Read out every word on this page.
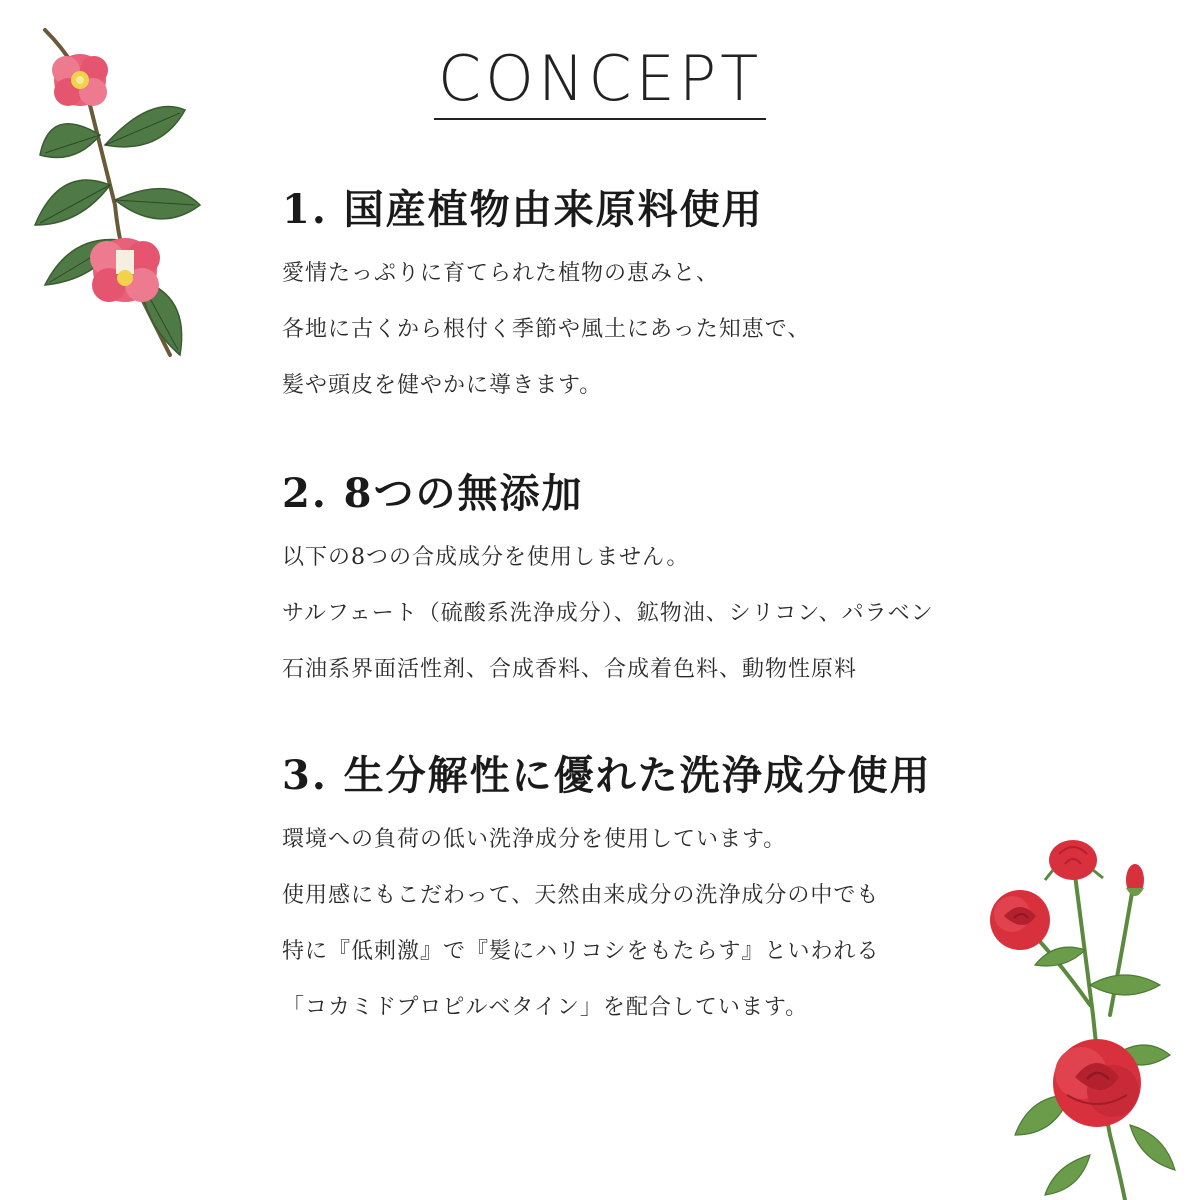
CONCEPT
1. 国産植物由来原料使用
愛情たっぷりに育てられた植物の恵みと、
各地に古くから根付く季節や風土にあった知恵で、
髪や頭皮を健やかに導きます。
2. 8つの無添加
以下の8つの合成成分を使用しません。
サルフェート（硫酸系洗浄成分）、鉱物油、シリコン、パラベン
石油系界面活性剤、合成香料、合成着色料、動物性原料
3. 生分解性に優れた洗浄成分使用
環境への負荷の低い洗浄成分を使用しています。
使用感にもこだわって、天然由来成分の洗浄成分の中でも
特に『低刺激』で『髪にハリコシをもたらす』といわれる
「コカミドプロピルベタイン」を配合しています。
